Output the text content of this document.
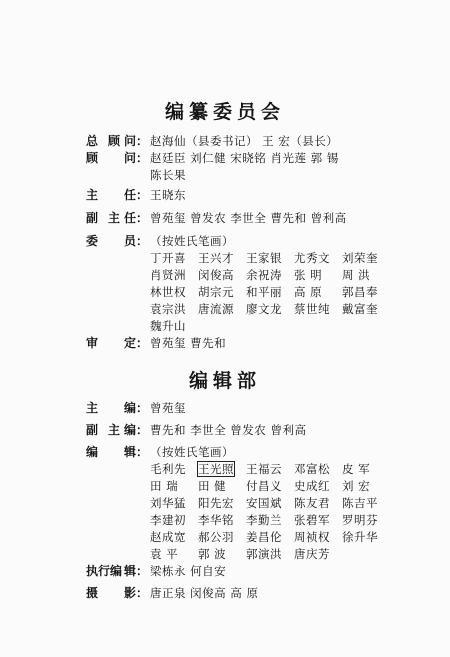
编纂委员会
总 顾 问： 赵海仙（县委书记） 王 宏（县长）
顾 问： 赵廷臣 刘仁健 宋晓铭 肖光莲 郭 锡
陈长果
主 任： 王晓东
副 主 任： 曾苑玺 曾发农 李世全 曹先和 曾利高
委 员： （按姓氏笔画）
丁开喜 王兴才 王家银 尤秀文 刘荣奎
肖贤洲 闵俊高 余祝涛 张 明 周 洪
林世权 胡宗元 和平丽 高 原 郭昌奉
袁宗洪 唐流源 廖文龙 蔡世纯 戴富奎
魏升山
审 定： 曾苑玺 曹先和
编辑部
主 编： 曾苑玺
副 主 编： 曹先和 李世全 曾发农 曾利高
编 辑： （按姓氏笔画）
毛利先 王光照 王福云 邓富松 皮 军
田 瑞 田 健 付昌义 史成红 刘 宏
刘华猛 阳先宏 安国斌 陈友君 陈吉平
李建初 李华铭 李勤兰 张碧军 罗明芬
赵成宽 郝公羽 姜昌伦 周祯权 徐升华
袁 平 郭 波 郭演洪 唐庆芳
执 行编 辑： 梁栋永 何自安
摄 影： 唐正泉 闵俊高 高 原
